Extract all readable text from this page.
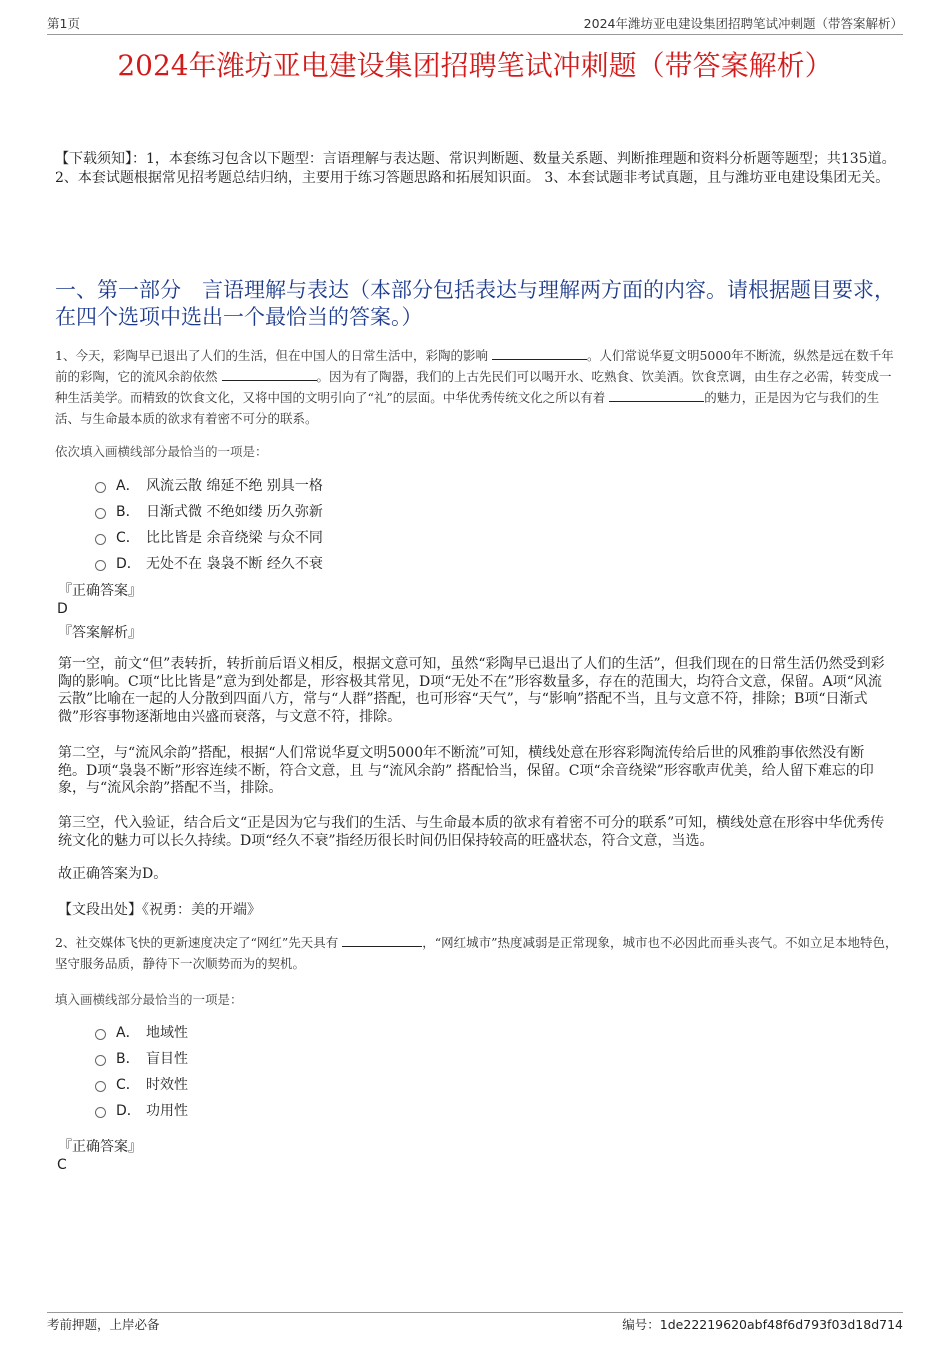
第1页	2024年潍坊亚电建设集团招聘笔试冲刺题（带答案解析）
2024年潍坊亚电建设集团招聘笔试冲刺题（带答案解析）
【下载须知】：1，本套练习包含以下题型：言语理解与表达题、常识判断题、数量关系题、判断推理题和资料分析题等题型；共135道。 2、本套试题根据常见招考题总结归纳，主要用于练习答题思路和拓展知识面。 3、本套试题非考试真题，且与潍坊亚电建设集团无关。
一、第一部分　言语理解与表达（本部分包括表达与理解两方面的内容。请根据题目要求，在四个选项中选出一个最恰当的答案。）
1、今天，彩陶早已退出了人们的生活，但在中国人的日常生活中，彩陶的影响	。人们常说华夏文明5000年不断流，纵然是远在数千年前的彩陶，它的流风余韵依然	。因为有了陶器，我们的上古先民们可以喝开水、吃熟食、饮美酒。饮食烹调，由生存之必需，转变成一种生活美学。而精致的饮食文化，又将中国的文明引向了“礼”的层面。中华优秀传统文化之所以有着	的魅力，正是因为它与我们的生活、与生命最本质的欲求有着密不可分的联系。
依次填入画横线部分最恰当的一项是：
A． 风流云散 绵延不绝 别具一格
B． 日渐式微 不绝如缕 历久弥新
C． 比比皆是 余音绕梁 与众不同
D． 无处不在 袅袅不断 经久不衰
『正确答案』
D
『答案解析』
第一空，前文“但”表转折，转折前后语义相反，根据文意可知，虽然“彩陶早已退出了人们的生活”，但我们现在的日常生活仍然受到彩陶的影响。C项“比比皆是”意为到处都是，形容极其常见，D项“无处不在”形容数量多，存在的范围大，均符合文意，保留。A项“风流云散”比喻在一起的人分散到四面八方，常与“人群”搭配，也可形容“天气”，与“影响”搭配不当，且与文意不符，排除；B项“日渐式微”形容事物逐渐地由兴盛而衰落，与文意不符，排除。
第二空，与“流风余韵”搭配，根据“人们常说华夏文明5000年不断流”可知，横线处意在形容彩陶流传给后世的风雅韵事依然没有断绝。D项“袅袅不断”形容连续不断，符合文意，且 与“流风余韵” 搭配恰当，保留。C项“余音绕梁”形容歌声优美，给人留下难忘的印象，与“流风余韵”搭配不当，排除。
第三空，代入验证，结合后文“正是因为它与我们的生活、与生命最本质的欲求有着密不可分的联系”可知，横线处意在形容中华优秀传统文化的魅力可以长久持续。D项“经久不衰”指经历很长时间仍旧保持较高的旺盛状态，符合文意，当选。
故正确答案为D。
【文段出处】《祝勇：美的开端》
2、社交媒体飞快的更新速度决定了“网红”先天具有	，“网红城市”热度减弱是正常现象，城市也不必因此而垂头丧气。不如立足本地特色，坚守服务品质，静待下一次顺势而为的契机。
填入画横线部分最恰当的一项是：
A． 地域性
B． 盲目性
C． 时效性
D． 功用性
『正确答案』
C
考前押题，上岸必备	编号：1de22219620abf48f6d793f03d18d714
